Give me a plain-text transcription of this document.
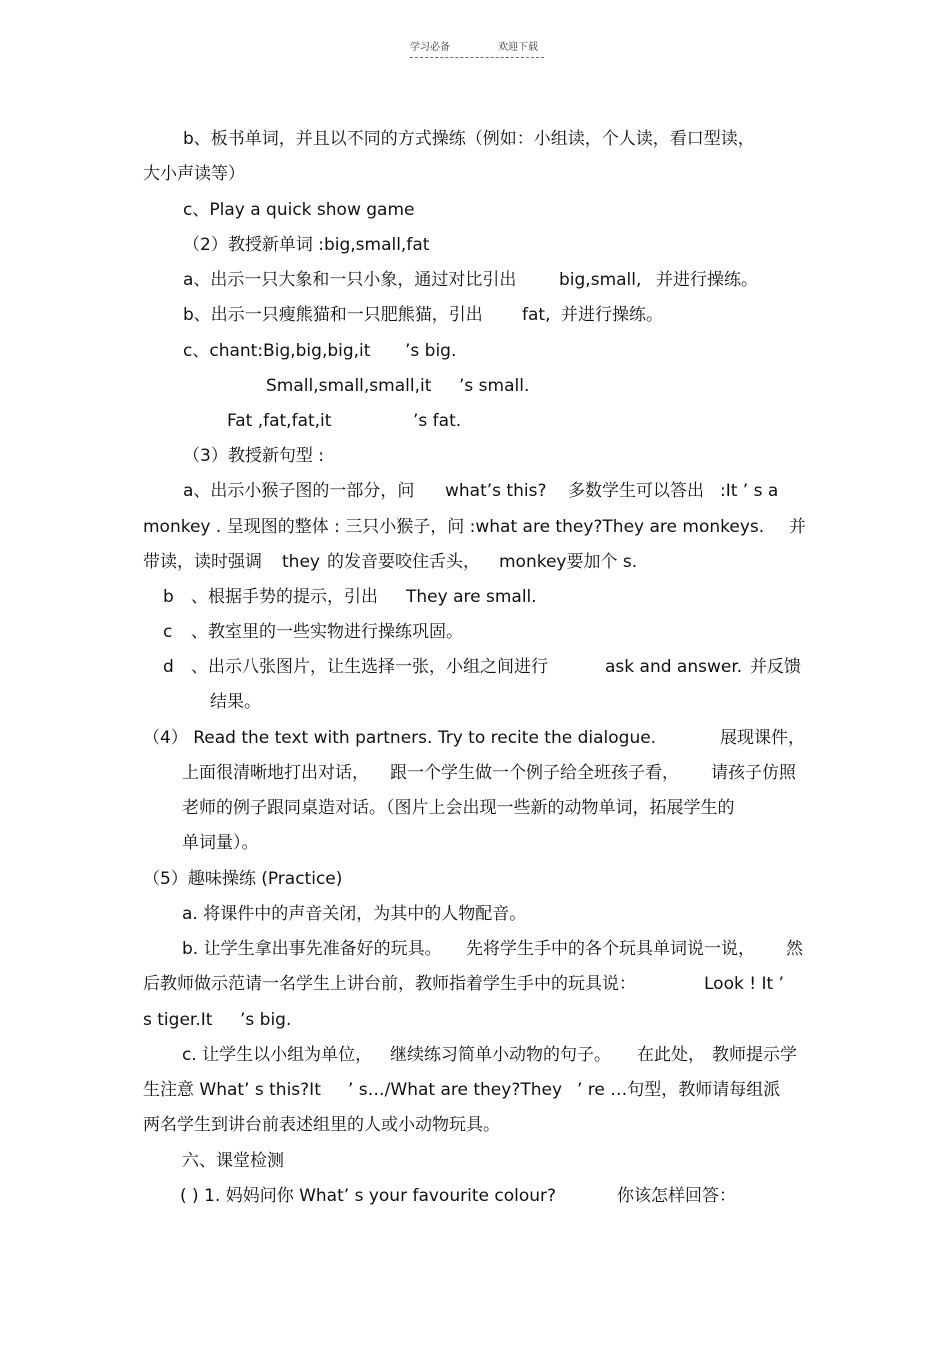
学习必备	欢迎下载
b、板书单词，并且以不同的方式操练（例如：小组读，个人读，看口型读，
大小声读等）
c、Play a quick show game
（2）教授新单词 :big,small,fat
a、出示一只大象和一只小象，通过对比引出	big,small, 并进行操练。
b、出示一只瘦熊猫和一只肥熊猫，引出 fat, 并进行操练。
c、chant:Big,big,big,it ’s big.
Small,small,small,it ’s small.
Fat ,fat,fat,it	’s fat.
（3）教授新句型 :
a、出示小猴子图的一部分，问 what’s this? 多数学生可以答出 :It ’ s a
monkey . 呈现图的整体 : 三只小猴子，问 :what are they?They are monkeys. 并
带读，读时强调 they 的发音要咬住舌头， monkey要加个 s.
b 、根据手势的提示，引出 They are small.
c 、教室里的一些实物进行操练巩固。
d 、出示八张图片，让生选择一张，小组之间进行	ask and answer. 并反馈
结果。
（4） Read the text with partners. Try to recite the dialogue.	展现课件，
上面很清晰地打出对话， 跟一个学生做一个例子给全班孩子看， 请孩子仿照
老师的例子跟同桌造对话。（图片上会出现一些新的动物单词，拓展学生的
单词量）。
（5）趣味操练 (Practice)
a. 将课件中的声音关闭，为其中的人物配音。
b. 让学生拿出事先准备好的玩具。 先将学生手中的各个玩具单词说一说， 然
后教师做示范请一名学生上讲台前，教师指着学生手中的玩具说：	Look ! It ’
s tiger.It ’s big.
c. 让学生以小组为单位， 继续练习简单小动物的句子。 在此处， 教师提示学
生注意 What’ s this?It ’ s…/What are they?They ’ re …句型，教师请每组派
两名学生到讲台前表述组里的人或小动物玩具。
六、课堂检测
( ) 1. 妈妈问你 What’ s your favourite colour?	你该怎样回答：
